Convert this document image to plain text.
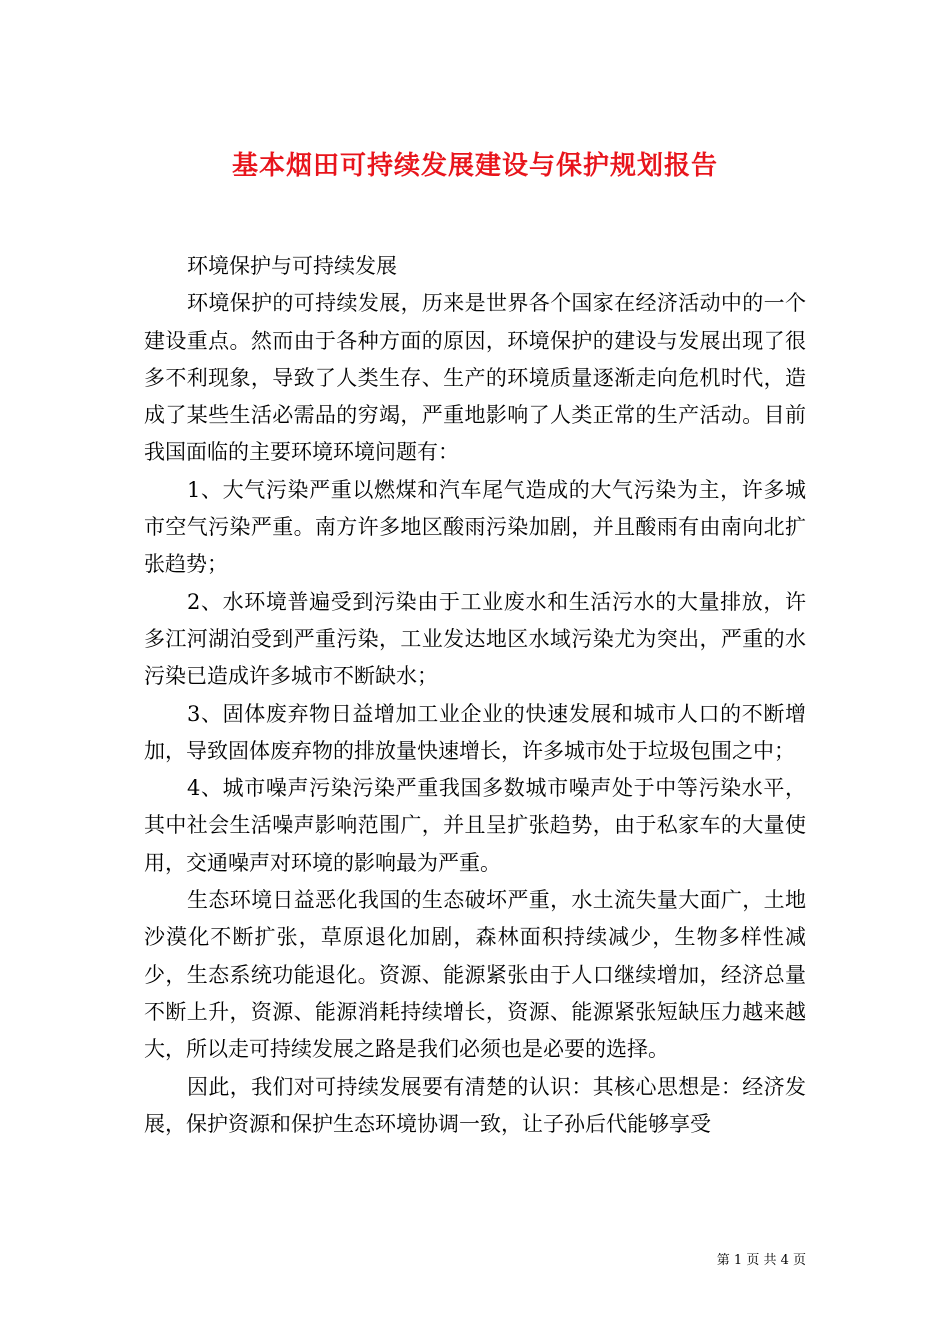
基本烟田可持续发展建设与保护规划报告

环境保护与可持续发展

环境保护的可持续发展，历来是世界各个国家在经济活动中的一个建设重点。然而由于各种方面的原因，环境保护的建设与发展出现了很多不利现象，导致了人类生存、生产的环境质量逐渐走向危机时代，造成了某些生活必需品的穷竭，严重地影响了人类正常的生产活动。目前我国面临的主要环境环境问题有：

1、大气污染严重以燃煤和汽车尾气造成的大气污染为主，许多城市空气污染严重。南方许多地区酸雨污染加剧，并且酸雨有由南向北扩张趋势；

2、水环境普遍受到污染由于工业废水和生活污水的大量排放，许多江河湖泊受到严重污染，工业发达地区水域污染尤为突出，严重的水污染已造成许多城市不断缺水；

3、固体废弃物日益增加工业企业的快速发展和城市人口的不断增加，导致固体废弃物的排放量快速增长，许多城市处于垃圾包围之中；

4、城市噪声污染污染严重我国多数城市噪声处于中等污染水平，其中社会生活噪声影响范围广，并且呈扩张趋势，由于私家车的大量使用，交通噪声对环境的影响最为严重。

生态环境日益恶化我国的生态破坏严重，水土流失量大面广，土地沙漠化不断扩张，草原退化加剧，森林面积持续减少，生物多样性减少，生态系统功能退化。资源、能源紧张由于人口继续增加，经济总量不断上升，资源、能源消耗持续增长，资源、能源紧张短缺压力越来越大，所以走可持续发展之路是我们必须也是必要的选择。

因此，我们对可持续发展要有清楚的认识：其核心思想是：经济发展，保护资源和保护生态环境协调一致，让子孙后代能够享受

第 1 页 共 4 页
